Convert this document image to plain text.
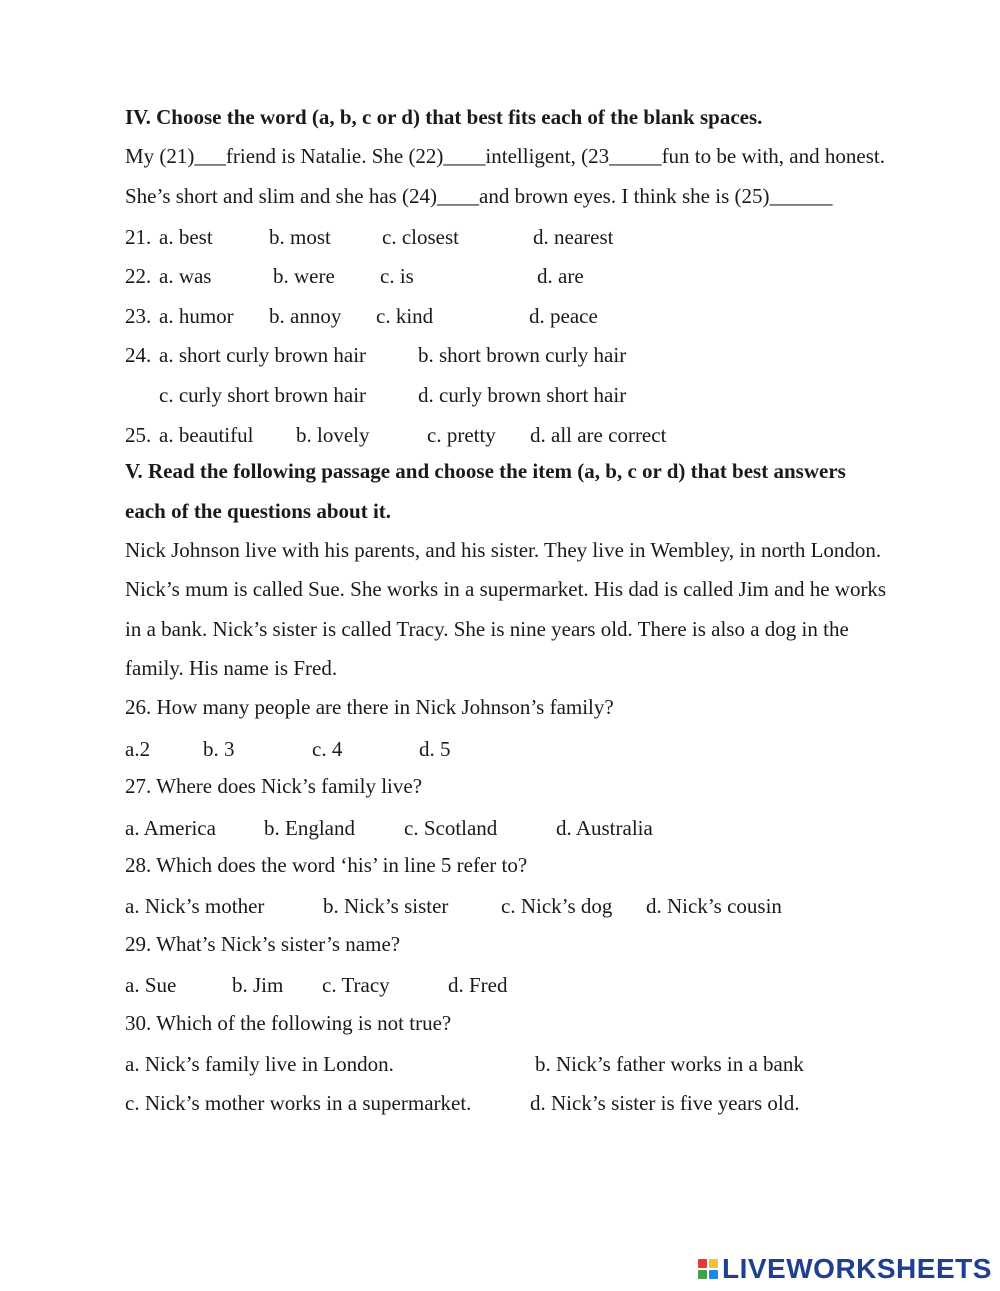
IV. Choose the word (a, b, c or d) that best fits each of the blank spaces.
My (21)___friend is Natalie. She (22)____intelligent, (23_____fun to be with, and honest.
She’s short and slim and she has (24)____and brown eyes. I think she is (25)______
21. a. best	b. most c. closest	d. nearest
22. a. was	b. were c. is	d. are
23. a. humor b. annoy c. kind	d. peace
24. a. short curly brown hair b. short brown curly hair
c. curly short brown hair d. curly brown short hair
25. a. beautiful b. lovely	c. pretty d. all are correct
V. Read the following passage and choose the item (a, b, c or d) that best answers
each of the questions about it.
Nick Johnson live with his parents, and his sister. They live in Wembley, in north London.
Nick’s mum is called Sue. She works in a supermarket. His dad is called Jim and he works
in a bank. Nick’s sister is called Tracy. She is nine years old. There is also a dog in the
family. His name is Fred.
26. How many people are there in Nick Johnson’s family?
a.2	b. 3	c. 4	d. 5
27. Where does Nick’s family live?
a. America b. England c. Scotland	d. Australia
28. Which does the word ‘his’ in line 5 refer to?
a. Nick’s mother	b. Nick’s sister	c. Nick’s dog d. Nick’s cousin
29. What’s Nick’s sister’s name?
a. Sue	b. Jim c. Tracy	d. Fred
30. Which of the following is not true?
a. Nick’s family live in London.	b. Nick’s father works in a bank
c. Nick’s mother works in a supermarket.	d. Nick’s sister is five years old.
LIVEWORKSHEETS
